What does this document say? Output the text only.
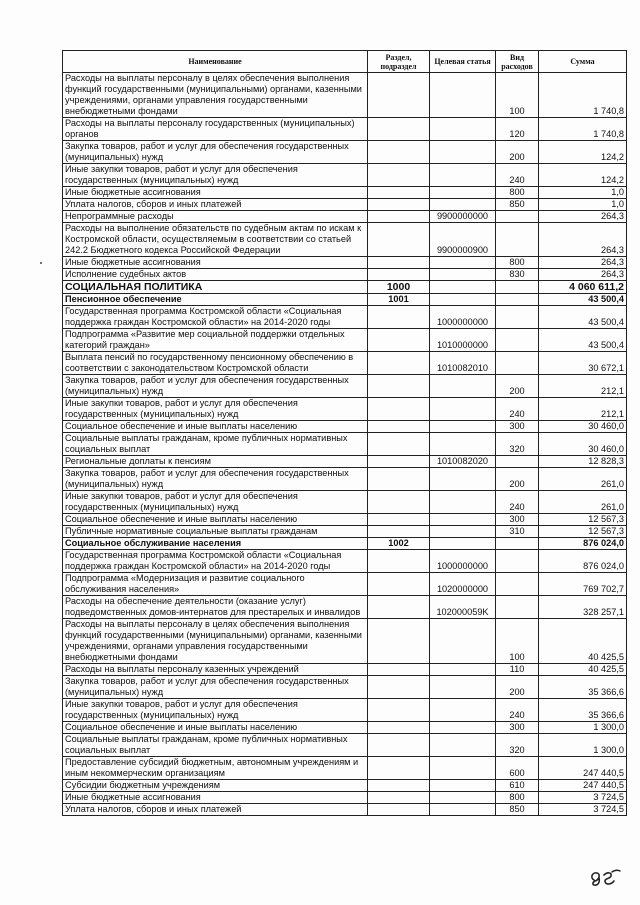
Наименование	Раздел, подраздел	Целевая статья	Вид расходов	Сумма
Расходы на выплаты персоналу в целях обеспечения выполнения функций государственными (муниципальными) органами, казенными учреждениями, органами управления государственными внебюджетными фондами			100	1 740,8
Расходы на выплаты персоналу государственных (муниципальных) органов			120	1 740,8
Закупка товаров, работ и услуг для обеспечения государственных (муниципальных) нужд			200	124,2
Иные закупки товаров, работ и услуг для обеспечения государственных (муниципальных) нужд			240	124,2
Иные бюджетные ассигнования			800	1,0
Уплата налогов, сборов и иных платежей			850	1,0
Непрограммные расходы		9900000000		264,3
Расходы на выполнение обязательств по судебным актам по искам к Костромской области, осуществляемым в соответствии со статьей 242.2 Бюджетного кодекса Российской Федерации		9900000900		264,3
Иные бюджетные ассигнования			800	264,3
Исполнение судебных актов			830	264,3
СОЦИАЛЬНАЯ ПОЛИТИКА	1000			4 060 611,2
Пенсионное обеспечение	1001			43 500,4
Государственная программа Костромской области «Социальная поддержка граждан Костромской области» на 2014-2020 годы		1000000000		43 500,4
Подпрограмма «Развитие мер социальной поддержки отдельных категорий граждан»		1010000000		43 500,4
Выплата пенсий по государственному пенсионному обеспечению в соответствии с законодательством Костромской области		1010082010		30 672,1
Закупка товаров, работ и услуг для обеспечения государственных (муниципальных) нужд			200	212,1
Иные закупки товаров, работ и услуг для обеспечения государственных (муниципальных) нужд			240	212,1
Социальное обеспечение и иные выплаты населению			300	30 460,0
Социальные выплаты гражданам, кроме публичных нормативных социальных выплат			320	30 460,0
Региональные доплаты к пенсиям		1010082020		12 828,3
Закупка товаров, работ и услуг для обеспечения государственных (муниципальных) нужд			200	261,0
Иные закупки товаров, работ и услуг для обеспечения государственных (муниципальных) нужд			240	261,0
Социальное обеспечение и иные выплаты населению			300	12 567,3
Публичные нормативные социальные выплаты гражданам			310	12 567,3
Социальное обслуживание населения	1002			876 024,0
Государственная программа Костромской области «Социальная поддержка граждан Костромской области» на 2014-2020 годы		1000000000		876 024,0
Подпрограмма «Модернизация и развитие социального обслуживания населения»		1020000000		769 702,7
Расходы на обеспечение деятельности (оказание услуг) подведомственных домов-интернатов для престарелых и инвалидов		102000059K		328 257,1
Расходы на выплаты персоналу в целях обеспечения выполнения функций государственными (муниципальными) органами, казенными учреждениями, органами управления государственными внебюджетными фондами			100	40 425,5
Расходы на выплаты персоналу казенных учреждений			110	40 425,5
Закупка товаров, работ и услуг для обеспечения государственных (муниципальных) нужд			200	35 366,6
Иные закупки товаров, работ и услуг для обеспечения государственных (муниципальных) нужд			240	35 366,6
Социальное обеспечение и иные выплаты населению			300	1 300,0
Социальные выплаты гражданам, кроме публичных нормативных социальных выплат			320	1 300,0
Предоставление субсидий бюджетным, автономным учреждениям и иным некоммерческим организациям			600	247 440,5
Субсидии бюджетным учреждениям			610	247 440,5
Иные бюджетные ассигнования			800	3 724,5
Уплата налогов, сборов и иных платежей			850	3 724,5
